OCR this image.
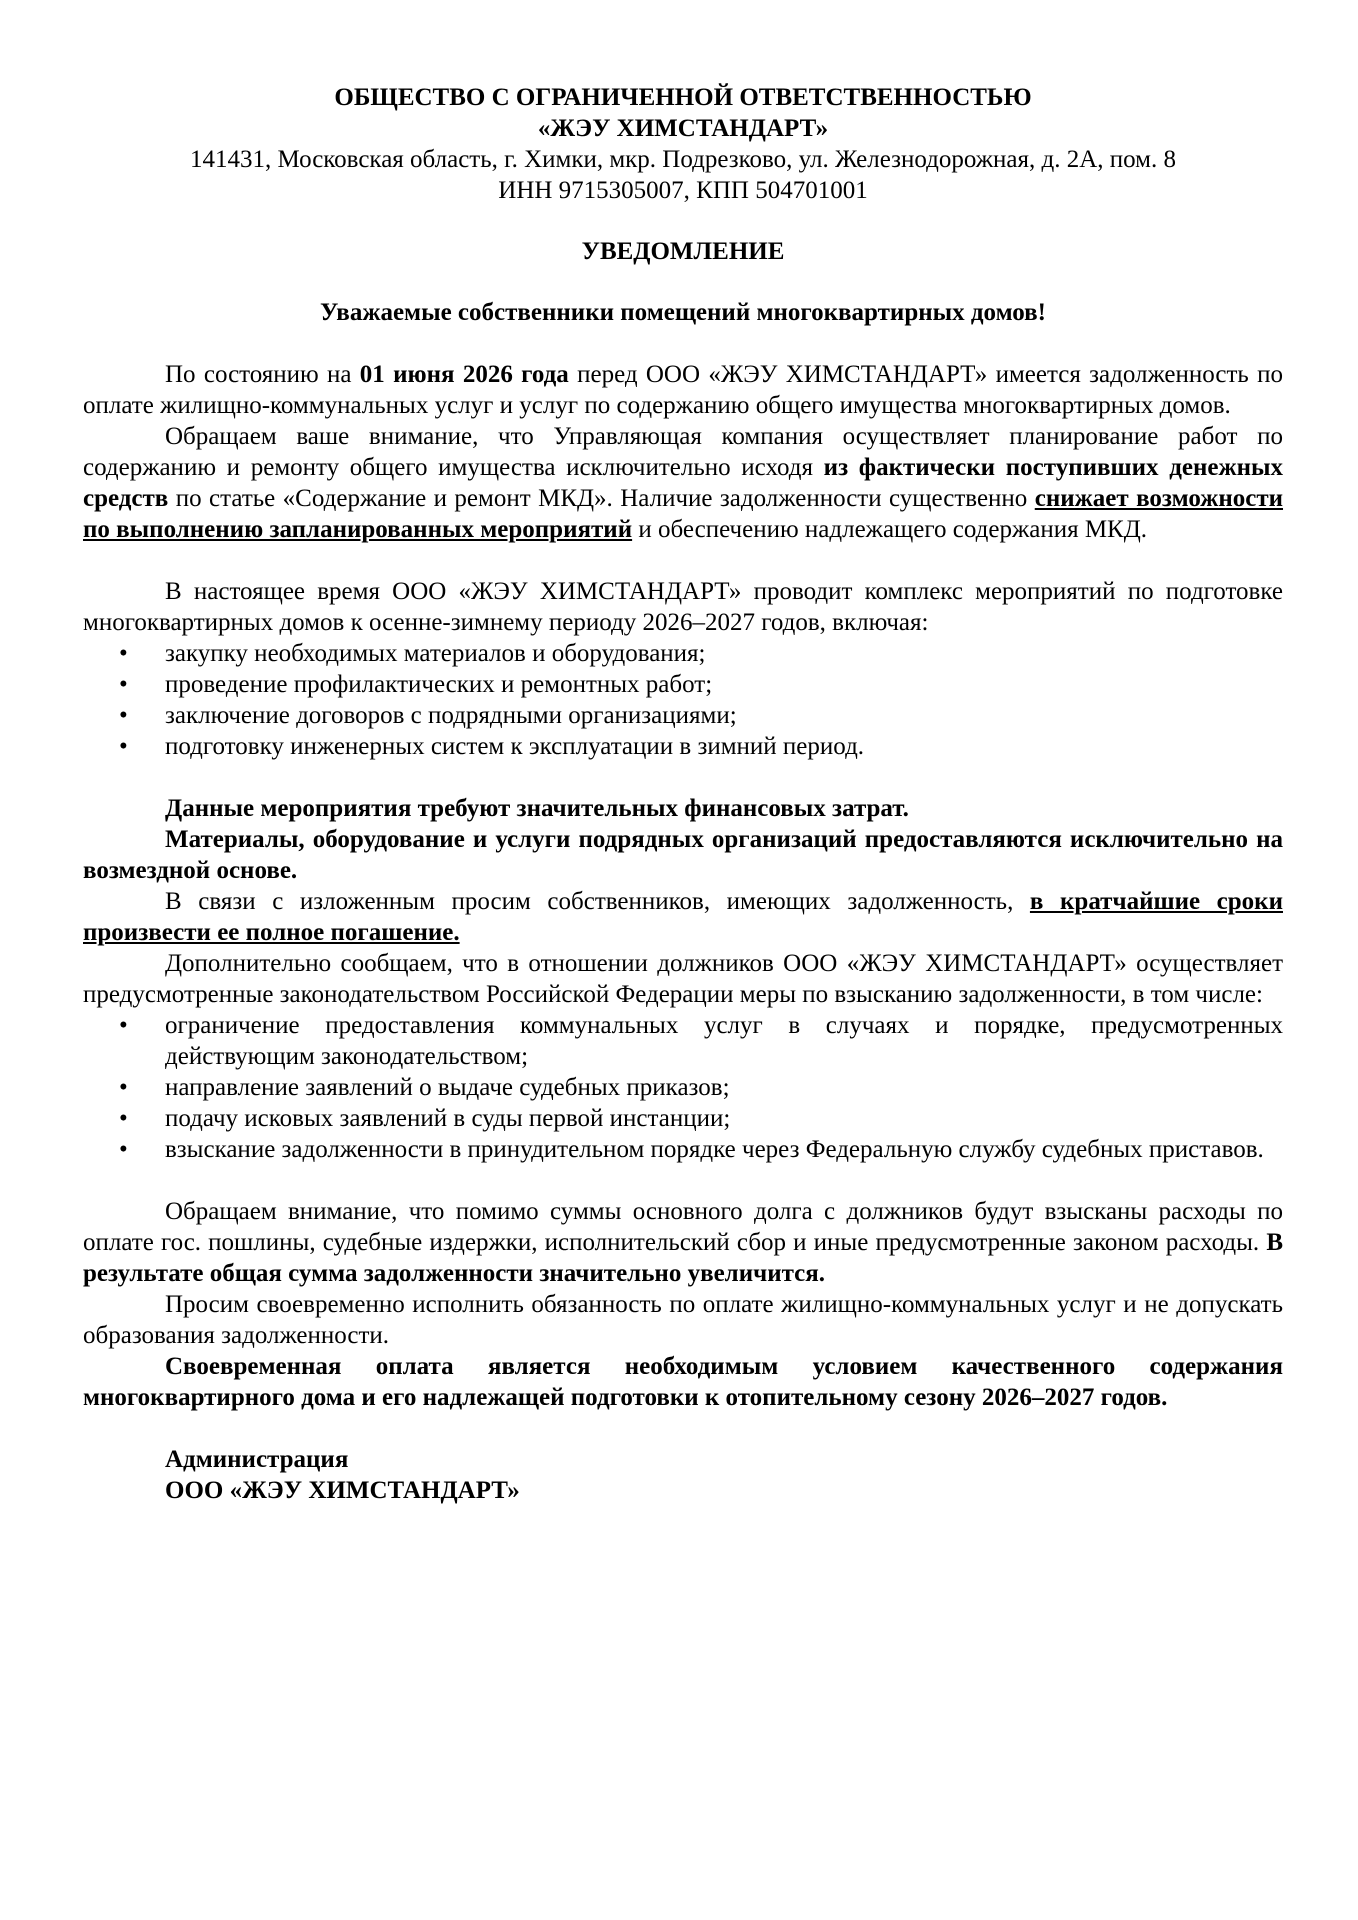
ОБЩЕСТВО С ОГРАНИЧЕННОЙ ОТВЕТСТВЕННОСТЬЮ
«ЖЭУ ХИМСТАНДАРТ»
141431, Московская область, г. Химки, мкр. Подрезково, ул. Железнодорожная, д. 2А, пом. 8
ИНН 9715305007, КПП 504701001
УВЕДОМЛЕНИЕ
Уважаемые собственники помещений многоквартирных домов!

По состоянию на 01 июня 2026 года перед ООО «ЖЭУ ХИМСТАНДАРТ» имеется задолженность по оплате жилищно-коммунальных услуг и услуг по содержанию общего имущества многоквартирных домов.

Обращаем ваше внимание, что Управляющая компания осуществляет планирование работ по содержанию и ремонту общего имущества исключительно исходя из фактически поступивших денежных средств по статье «Содержание и ремонт МКД». Наличие задолженности существенно снижает возможности по выполнению запланированных мероприятий и обеспечению надлежащего содержания МКД.

В настоящее время ООО «ЖЭУ ХИМСТАНДАРТ» проводит комплекс мероприятий по подготовке многоквартирных домов к осенне-зимнему периоду 2026–2027 годов, включая:

• закупку необходимых материалов и оборудования;
• проведение профилактических и ремонтных работ;
• заключение договоров с подрядными организациями;
• подготовку инженерных систем к эксплуатации в зимний период.

Данные мероприятия требуют значительных финансовых затрат.

Материалы, оборудование и услуги подрядных организаций предоставляются исключительно на возмездной основе.

В связи с изложенным просим собственников, имеющих задолженность, в кратчайшие сроки произвести ее полное погашение.

Дополнительно сообщаем, что в отношении должников ООО «ЖЭУ ХИМСТАНДАРТ» осуществляет предусмотренные законодательством Российской Федерации меры по взысканию задолженности, в том числе:

• ограничение предоставления коммунальных услуг в случаях и порядке, предусмотренных действующим законодательством;
• направление заявлений о выдаче судебных приказов;
• подачу исковых заявлений в суды первой инстанции;
• взыскание задолженности в принудительном порядке через Федеральную службу судебных приставов.

Обращаем внимание, что помимо суммы основного долга с должников будут взысканы расходы по оплате гос. пошлины, судебные издержки, исполнительский сбор и иные предусмотренные законом расходы. В результате общая сумма задолженности значительно увеличится.

Просим своевременно исполнить обязанность по оплате жилищно-коммунальных услуг и не допускать образования задолженности.

Своевременная оплата является необходимым условием качественного содержания многоквартирного дома и его надлежащей подготовки к отопительному сезону 2026–2027 годов.

Администрация
ООО «ЖЭУ ХИМСТАНДАРТ»
